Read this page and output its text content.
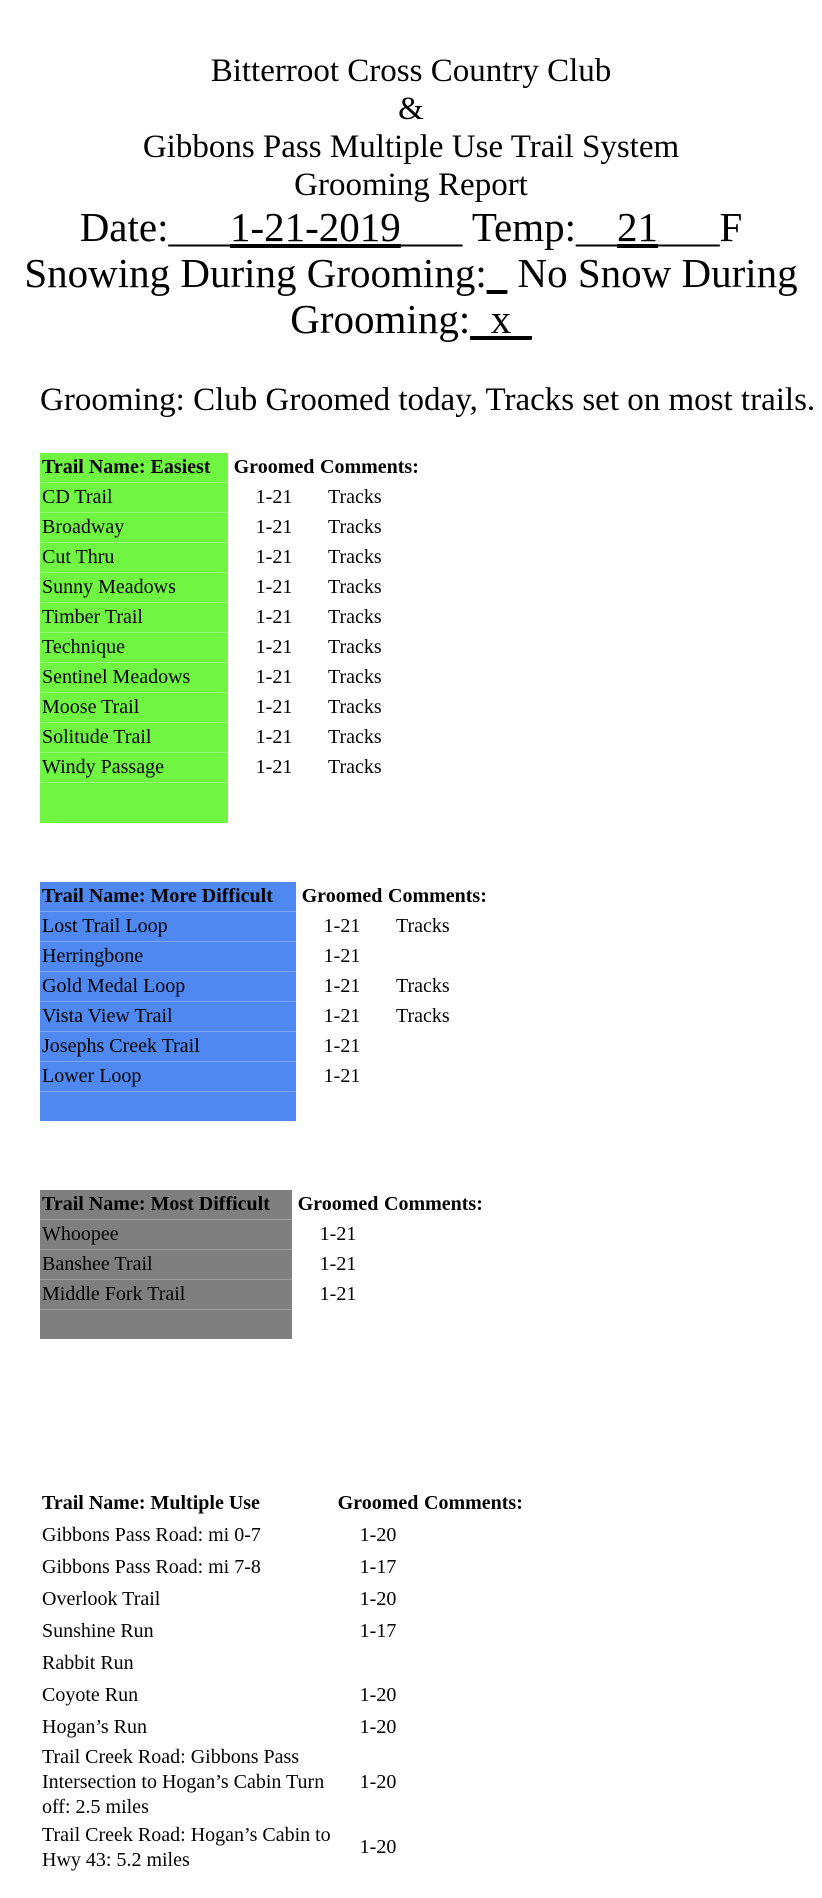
Bitterroot Cross Country Club
&
Gibbons Pass Multiple Use Trail System
Grooming Report
Date:___1-21-2019___ Temp:__21___F
Snowing During Grooming:_ No Snow During
Grooming:_x_
Grooming: Club Groomed today, Tracks set on most trails.
Trail Name: Easiest	Groomed	Comments:
CD Trail	1-21	Tracks
Broadway	1-21	Tracks
Cut Thru	1-21	Tracks
Sunny Meadows	1-21	Tracks
Timber Trail	1-21	Tracks
Technique	1-21	Tracks
Sentinel Meadows	1-21	Tracks
Moose Trail	1-21	Tracks
Solitude Trail	1-21	Tracks
Windy Passage	1-21	Tracks

Trail Name: More Difficult	Groomed	Comments:
Lost Trail Loop	1-21	Tracks
Herringbone	1-21	
Gold Medal Loop	1-21	Tracks
Vista View Trail	1-21	Tracks
Josephs Creek Trail	1-21	
Lower Loop	1-21	

Trail Name: Most Difficult	Groomed	Comments:
Whoopee	1-21	
Banshee Trail	1-21	
Middle Fork Trail	1-21	

Trail Name: Multiple Use	Groomed	Comments:
Gibbons Pass Road: mi 0-7	1-20	
Gibbons Pass Road: mi 7-8	1-17	
Overlook Trail	1-20	
Sunshine Run	1-17	
Rabbit Run		
Coyote Run	1-20	
Hogan’s Run	1-20	
Trail Creek Road: Gibbons Pass Intersection to Hogan’s Cabin Turn off: 2.5 miles	1-20	
Trail Creek Road: Hogan’s Cabin to Hwy 43: 5.2 miles	1-20	
